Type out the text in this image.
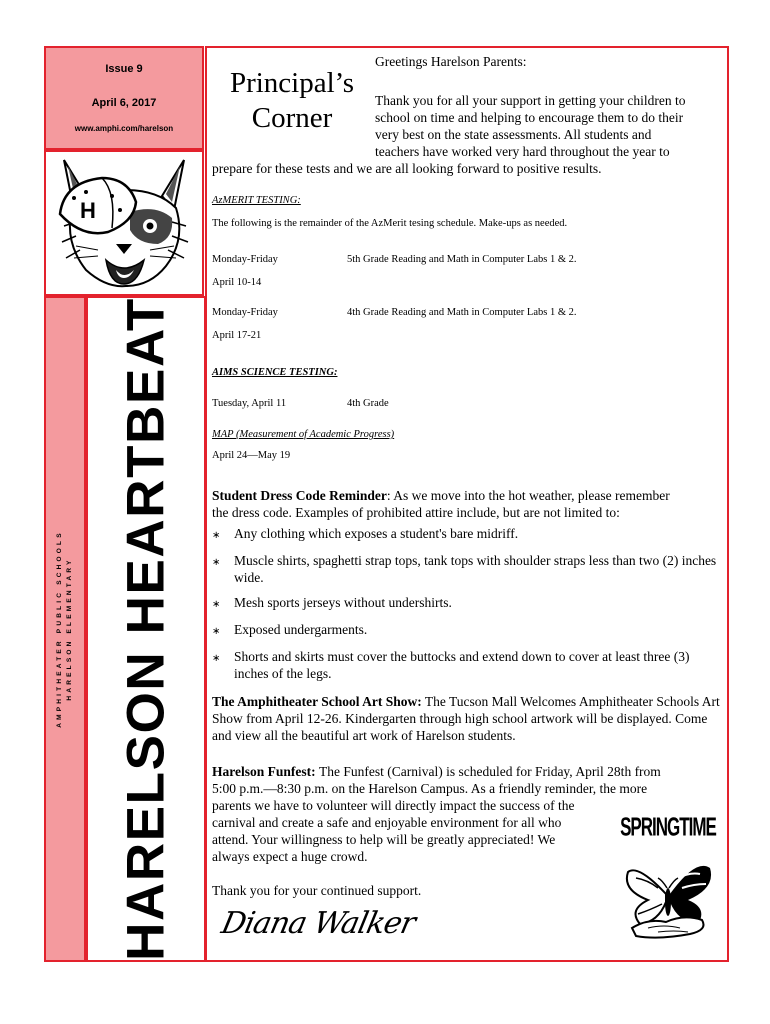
Issue 9
April 6, 2017
www.amphi.com/harelson
H
AMPHITHEATER PUBLIC SCHOOLS HARELSON ELEMENTARY HARELSON HEARTBEAT
Principal’s
Corner
Greetings Harelson Parents:
Thank you for all your support in getting your children to
school on time and helping to encourage them to do their
very best on the state assessments. All students and
teachers have worked very hard throughout the year to
prepare for these tests and we are all looking forward to positive results.
AzMERIT TESTING:
The following is the remainder of the AzMerit tesing schedule. Make-ups as needed.
Monday-Friday	5th Grade Reading and Math in Computer Labs 1 & 2.
April 10-14
Monday-Friday	4th Grade Reading and Math in Computer Labs 1 & 2.
April 17-21
AIMS SCIENCE TESTING:
Tuesday, April 11	4th Grade
MAP (Measurement of Academic Progress)
April 24—May 19
Student Dress Code Reminder: As we move into the hot weather, please remember
the dress code. Examples of prohibited attire include, but are not limited to:
∗	Any clothing which exposes a student's bare midriff.
∗	Muscle shirts, spaghetti strap tops, tank tops with shoulder straps less than two (2) inches wide.
∗	Mesh sports jerseys without undershirts.
∗	Exposed undergarments.
∗	Shorts and skirts must cover the buttocks and extend down to cover at least three (3) inches of the legs.
The Amphitheater School Art Show: The Tucson Mall Welcomes Amphitheater Schools Art Show from April 12-26. Kindergarten through high school artwork will be displayed. Come and view all the beautiful art work of Harelson students.
Harelson Funfest: The Funfest (Carnival) is scheduled for Friday, April 28th from
5:00 p.m.—8:30 p.m. on the Harelson Campus. As a friendly reminder, the more
parents we have to volunteer will directly impact the success of the
carnival and create a safe and enjoyable environment for all who
attend. Your willingness to help will be greatly appreciated! We
always expect a huge crowd.
Thank you for your continued support.
Diana Walker
SPRINGTIME
